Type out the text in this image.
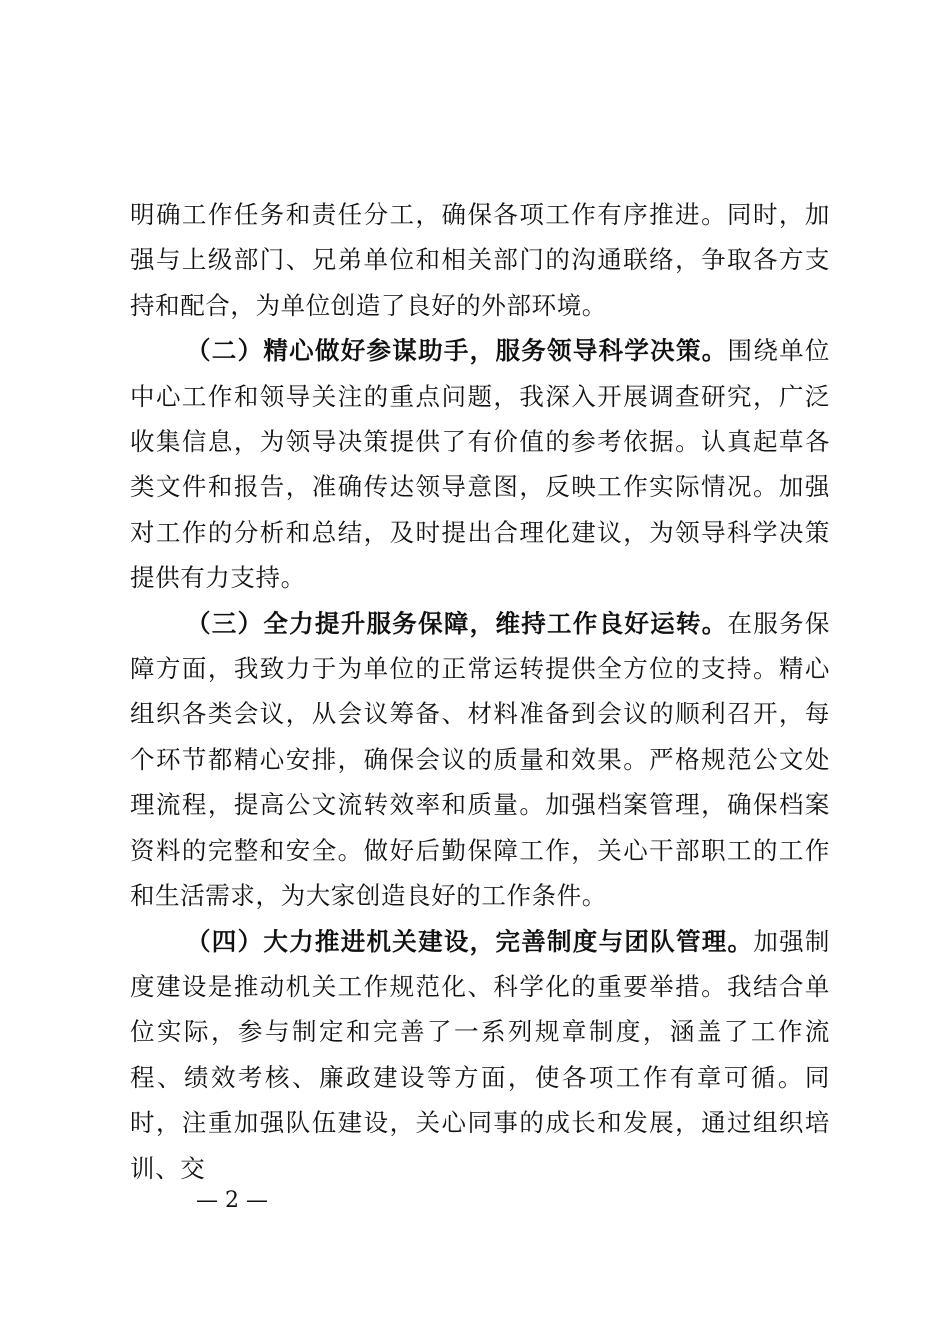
明确工作任务和责任分工，确保各项工作有序推进。同时，加强与上级部门、兄弟单位和相关部门的沟通联络，争取各方支持和配合，为单位创造了良好的外部环境。

（二）精心做好参谋助手，服务领导科学决策。围绕单位中心工作和领导关注的重点问题，我深入开展调查研究，广泛收集信息，为领导决策提供了有价值的参考依据。认真起草各类文件和报告，准确传达领导意图，反映工作实际情况。加强对工作的分析和总结，及时提出合理化建议，为领导科学决策提供有力支持。

（三）全力提升服务保障，维持工作良好运转。在服务保障方面，我致力于为单位的正常运转提供全方位的支持。精心组织各类会议，从会议筹备、材料准备到会议的顺利召开，每个环节都精心安排，确保会议的质量和效果。严格规范公文处理流程，提高公文流转效率和质量。加强档案管理，确保档案资料的完整和安全。做好后勤保障工作，关心干部职工的工作和生活需求，为大家创造良好的工作条件。

（四）大力推进机关建设，完善制度与团队管理。加强制度建设是推动机关工作规范化、科学化的重要举措。我结合单位实际，参与制定和完善了一系列规章制度，涵盖了工作流程、绩效考核、廉政建设等方面，使各项工作有章可循。同时，注重加强队伍建设，关心同事的成长和发展，通过组织培训、交

— 2 —
